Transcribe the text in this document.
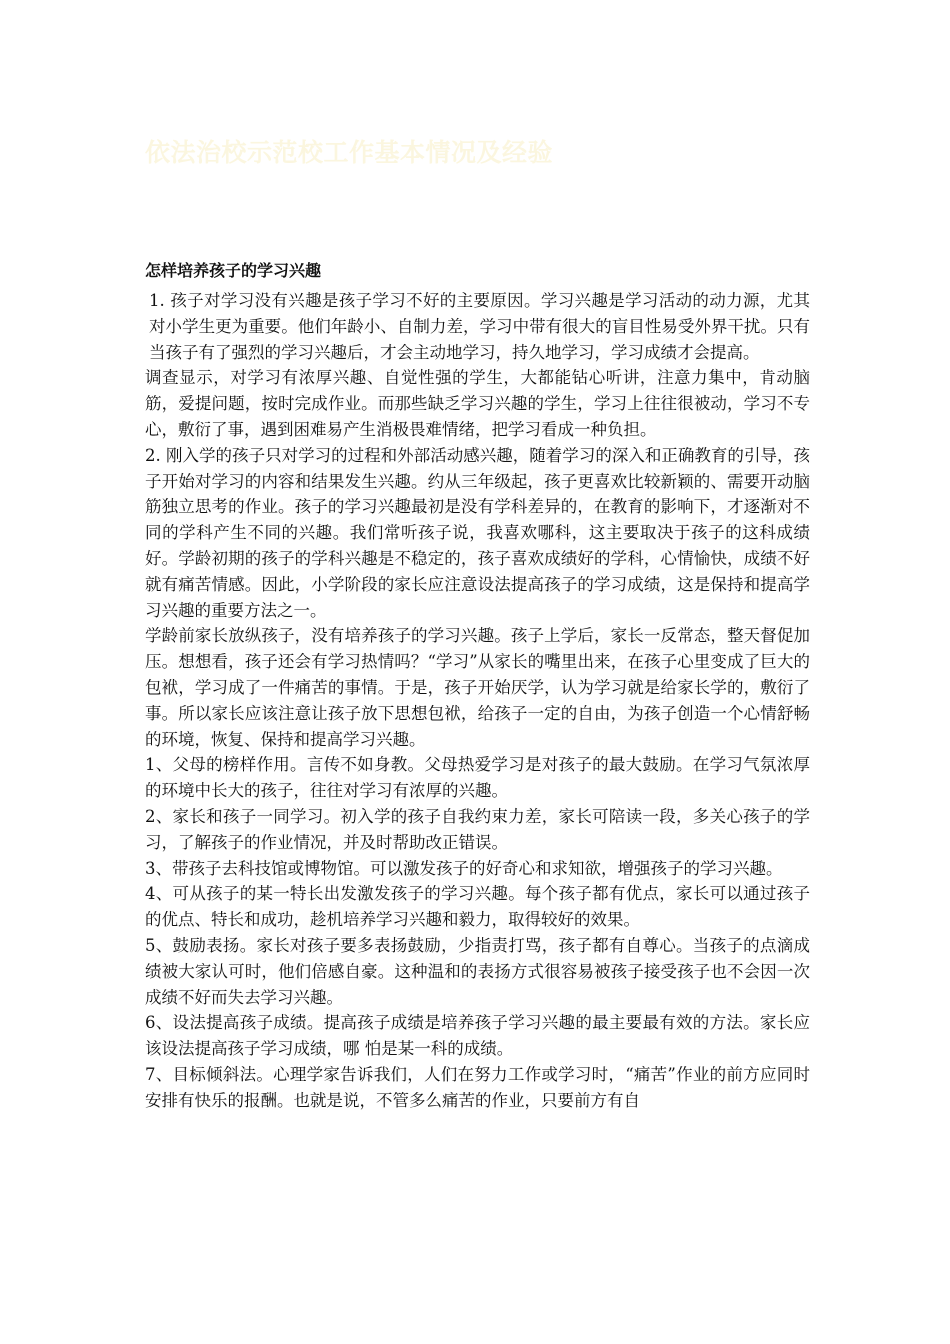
依法治校示范校工作基本情况及经验
怎样培养孩子的学习兴趣

1. 孩子对学习没有兴趣是孩子学习不好的主要原因。学习兴趣是学习活动的动力源，尤其对小学生更为重要。他们年龄小、自制力差，学习中带有很大的盲目性易受外界干扰。只有当孩子有了强烈的学习兴趣后，才会主动地学习，持久地学习，学习成绩才会提高。

调查显示，对学习有浓厚兴趣、自觉性强的学生，大都能钻心听讲，注意力集中，肯动脑筋，爱提问题，按时完成作业。而那些缺乏学习兴趣的学生，学习上往往很被动，学习不专心，敷衍了事，遇到困难易产生消极畏难情绪，把学习看成一种负担。

2. 刚入学的孩子只对学习的过程和外部活动感兴趣，随着学习的深入和正确教育的引导，孩子开始对学习的内容和结果发生兴趣。约从三年级起，孩子更喜欢比较新颖的、需要开动脑筋独立思考的作业。孩子的学习兴趣最初是没有学科差异的，在教育的影响下，才逐渐对不同的学科产生不同的兴趣。我们常听孩子说，我喜欢哪科，这主要取决于孩子的这科成绩好。学龄初期的孩子的学科兴趣是不稳定的，孩子喜欢成绩好的学科，心情愉快，成绩不好就有痛苦情感。因此，小学阶段的家长应注意设法提高孩子的学习成绩，这是保持和提高学习兴趣的重要方法之一。

学龄前家长放纵孩子，没有培养孩子的学习兴趣。孩子上学后，家长一反常态，整天督促加压。想想看，孩子还会有学习热情吗？“学习”从家长的嘴里出来，在孩子心里变成了巨大的包袱，学习成了一件痛苦的事情。于是，孩子开始厌学，认为学习就是给家长学的，敷衍了事。所以家长应该注意让孩子放下思想包袱，给孩子一定的自由，为孩子创造一个心情舒畅的环境，恢复、保持和提高学习兴趣。

1、父母的榜样作用。言传不如身教。父母热爱学习是对孩子的最大鼓励。在学习气氛浓厚的环境中长大的孩子，往往对学习有浓厚的兴趣。

2、家长和孩子一同学习。初入学的孩子自我约束力差，家长可陪读一段，多关心孩子的学习，了解孩子的作业情况，并及时帮助改正错误。

3、带孩子去科技馆或博物馆。可以激发孩子的好奇心和求知欲，增强孩子的学习兴趣。

4、可从孩子的某一特长出发激发孩子的学习兴趣。每个孩子都有优点，家长可以通过孩子的优点、特长和成功，趁机培养学习兴趣和毅力，取得较好的效果。

5、鼓励表扬。家长对孩子要多表扬鼓励，少指责打骂，孩子都有自尊心。当孩子的点滴成绩被大家认可时，他们倍感自豪。这种温和的表扬方式很容易被孩子接受孩子也不会因一次成绩不好而失去学习兴趣。

6、设法提高孩子成绩。提高孩子成绩是培养孩子学习兴趣的最主要最有效的方法。家长应该设法提高孩子学习成绩，哪 怕是某一科的成绩。

7、目标倾斜法。心理学家告诉我们，人们在努力工作或学习时，“痛苦”作业的前方应同时安排有快乐的报酬。也就是说，不管多么痛苦的作业，只要前方有自
